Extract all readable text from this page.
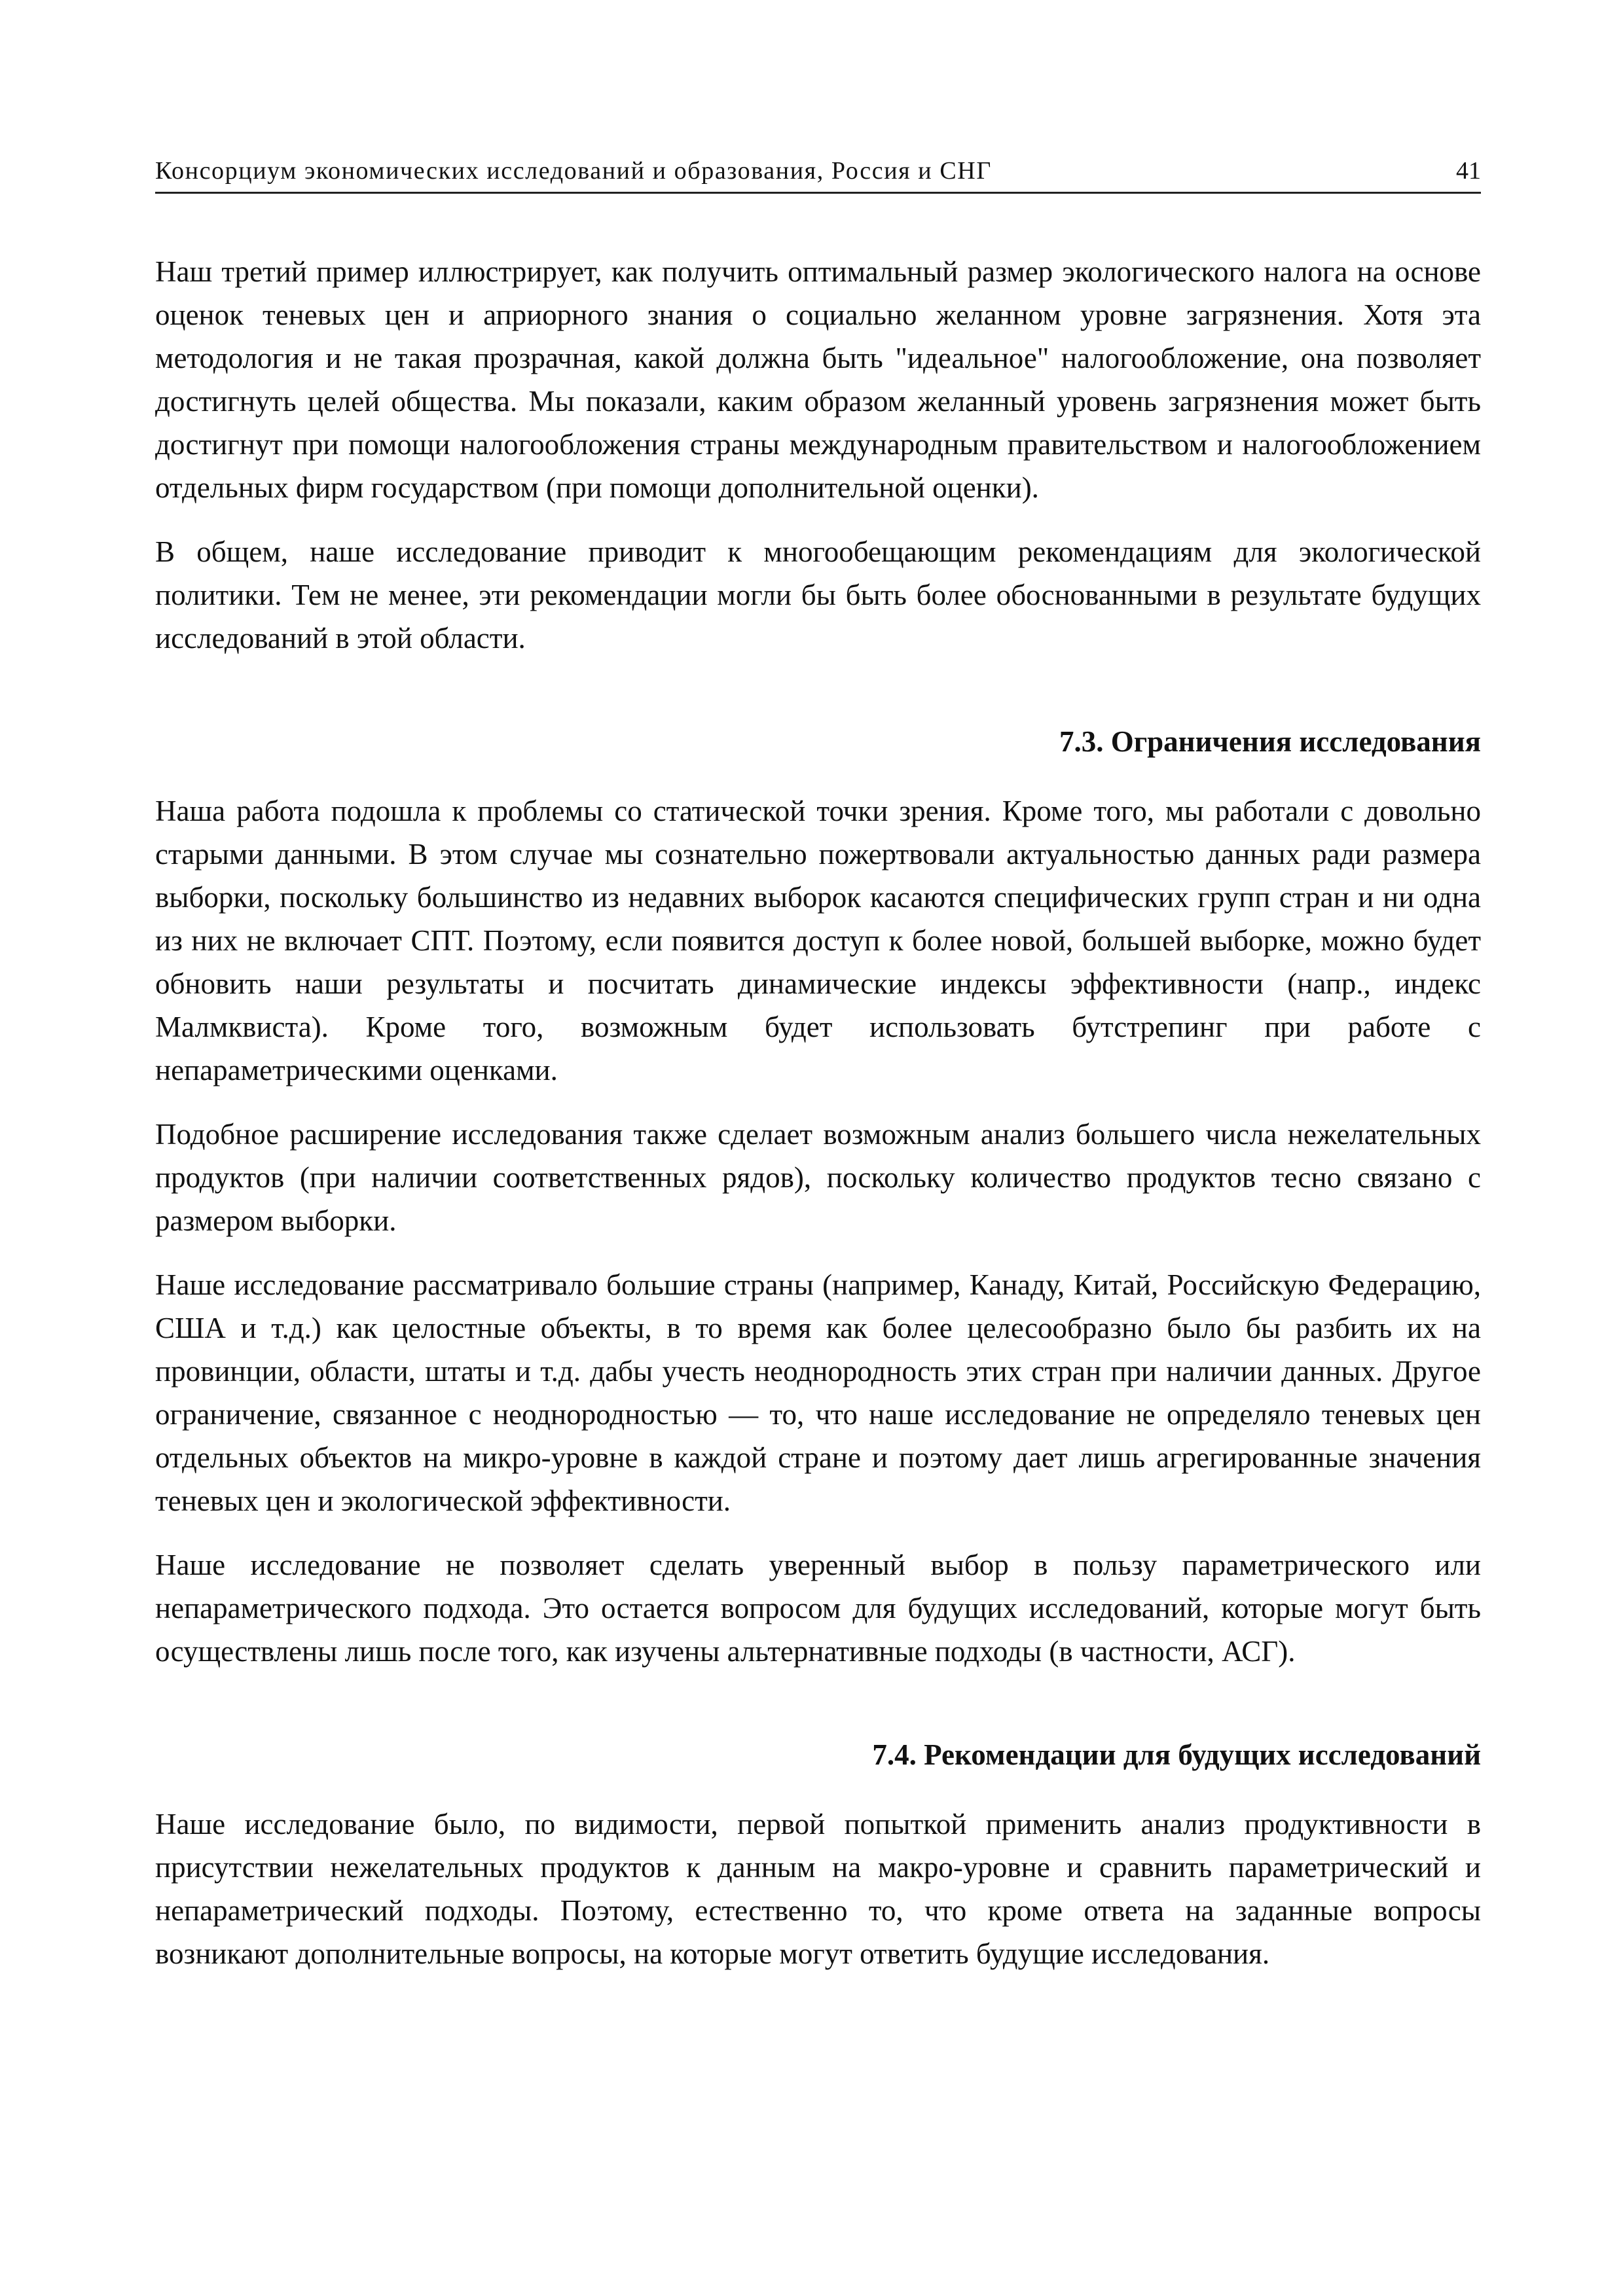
Консорциум экономических исследований и образования, Россия и СНГ	41

Наш третий пример иллюстрирует, как получить оптимальный размер экологического налога на основе оценок теневых цен и априорного знания о социально желанном уровне загрязнения. Хотя эта методология и не такая прозрачная, какой должна быть "идеальное" налогообложение, она позволяет достигнуть целей общества. Мы показали, каким образом желанный уровень загрязнения может быть достигнут при помощи налогообложения страны международным правительством и налогообложением отдельных фирм государством (при помощи дополнительной оценки).

В общем, наше исследование приводит к многообещающим рекомендациям для экологической политики. Тем не менее, эти рекомендации могли бы быть более обоснованными в результате будущих исследований в этой области.

7.3. Ограничения исследования

Наша работа подошла к проблемы со статической точки зрения. Кроме того, мы работали с довольно старыми данными. В этом случае мы сознательно пожертвовали актуальностью данных ради размера выборки, поскольку большинство из недавних выборок касаются специфических групп стран и ни одна из них не включает СПТ. Поэтому, если появится доступ к более новой, большей выборке, можно будет обновить наши результаты и посчитать динамические индексы эффективности (напр., индекс Малмквиста). Кроме того, возможным будет использовать бутстрепинг при работе с непараметрическими оценками.

Подобное расширение исследования также сделает возможным анализ большего числа нежелательных продуктов (при наличии соответственных рядов), поскольку количество продуктов тесно связано с размером выборки.

Наше исследование рассматривало большие страны (например, Канаду, Китай, Российскую Федерацию, США и т.д.) как целостные объекты, в то время как более целесообразно было бы разбить их на провинции, области, штаты и т.д. дабы учесть неоднородность этих стран при наличии данных. Другое ограничение, связанное с неоднородностью — то, что наше исследование не определяло теневых цен отдельных объектов на микро-уровне в каждой стране и поэтому дает лишь агрегированные значения теневых цен и экологической эффективности.

Наше исследование не позволяет сделать уверенный выбор в пользу параметрического или непараметрического подхода. Это остается вопросом для будущих исследований, которые могут быть осуществлены лишь после того, как изучены альтернативные подходы (в частности, АСГ).

7.4. Рекомендации для будущих исследований

Наше исследование было, по видимости, первой попыткой применить анализ продуктивности в присутствии нежелательных продуктов к данным на макро-уровне и сравнить параметрический и непараметрический подходы. Поэтому, естественно то, что кроме ответа на заданные вопросы возникают дополнительные вопросы, на которые могут ответить будущие исследования.
